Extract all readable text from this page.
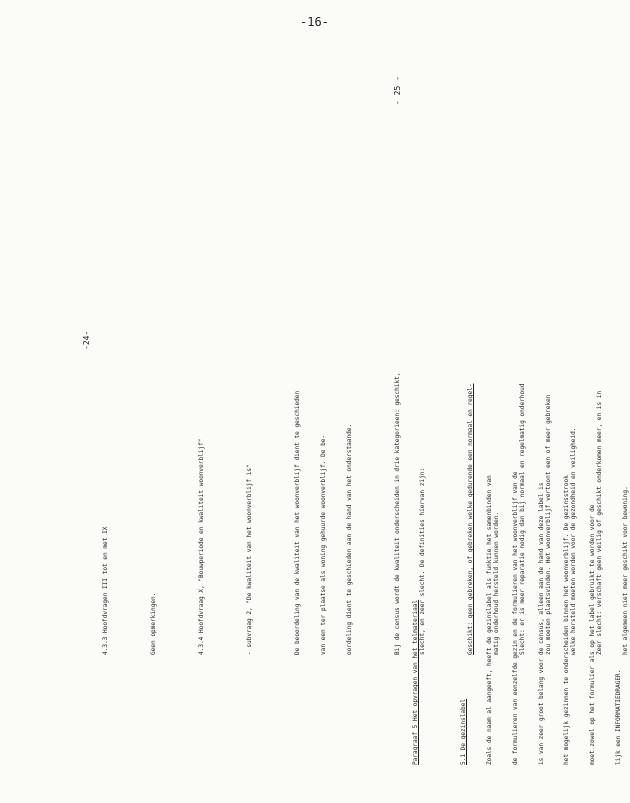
-16-

4.3.3 Hoofdvragen III tot en met IX

	Geen opmerkingen.

	4.3.4 Hoofdvraag X, "Bouwperiode en kwaliteit woonverblijf"

	- subvraag 2, "De kwaliteit van het woonverblijf is"

	De beoordeling van de kwaliteit van het woonverblijf dient te geschieden

	van een ter plaatse als woning gehuurde woonverblijf. De be-

	oordeling dient te geschieden aan de hand van het onderstaande.

	Bij de census wordt de kwaliteit onderscheiden in drie kategorieen: geschikt,

	slecht, en zeer slecht. De definities hiervan zijn:

	Geschikt: geen gebreken, of gebreken welke gedurende een normaal en regel-

	matig onderhoud hersteld kunnen worden.

	Slecht: er is meer reparatie nodig dan bij normaal en regelmatig onderhoud

	zou moeten plaatsvinden. Het woonverblijf vertoont een of meer gebreken

	welke hersteld moeten worden voor de gezondheid en veiligheid.

	Zeer slecht: verschaft geen veilig of geschikt onderkomen meer, en is in

	het algemeen niet meer geschikt voor bewoning.

-24-

Paragraaf 5 Het opvragen van het telmateriaal

	5.1 De gezinslabel

	Zoals de naam al aangeeft, heeft de gezinslabel als funktie het samenbinden van

	de formulieren van eenzelfde gezin en de formulieren van het woonverblijf van de

	is van zeer groot belang voor de census, alleen aan de hand van deze label is

	het mogelijk gezinnen te onderscheiden binnen het woonverblijf. De gezinsstrook

	moet zowel op het formulier als op het label gebruikt te worden voor de

	lijk een INFORMATIEDRAGER.

- 25 -
